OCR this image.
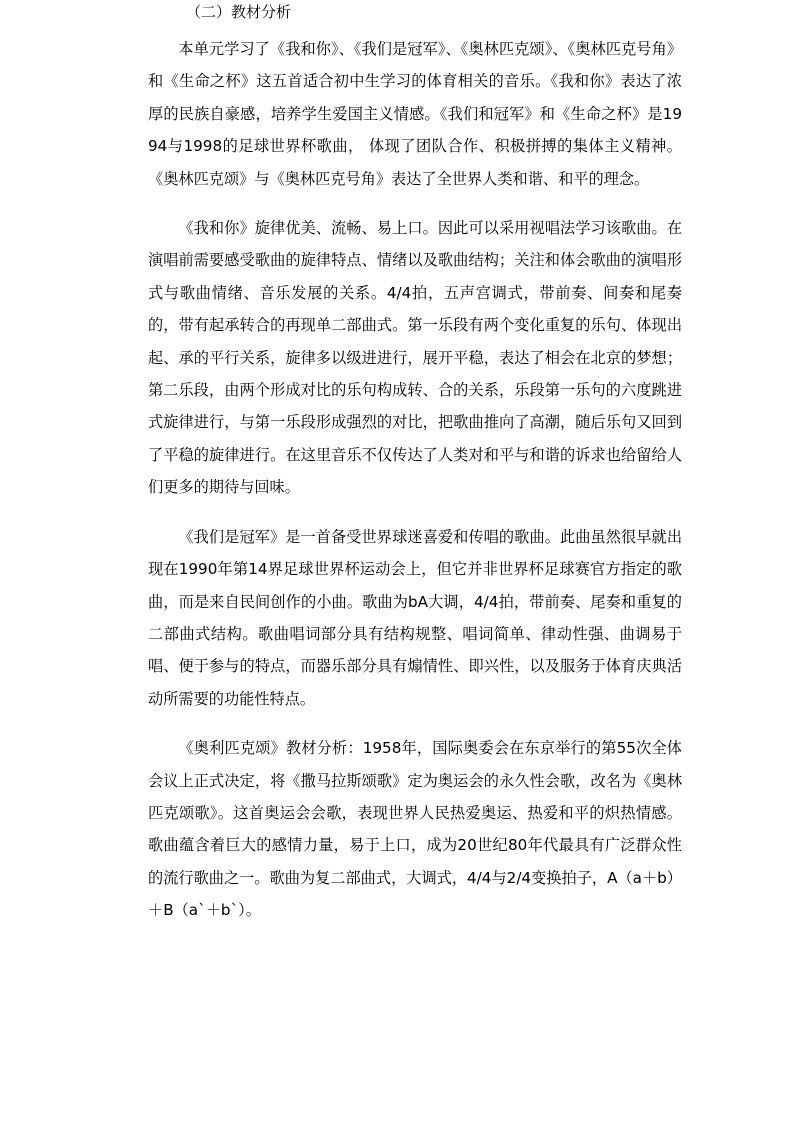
（二）教材分析

本单元学习了《我和你》、《我们是冠军》、《奥林匹克颂》、《奥林匹克号角》和《生命之杯》这五首适合初中生学习的体育相关的音乐。《我和你》表达了浓厚的民族自豪感，培养学生爱国主义情感。《我们和冠军》和《生命之杯》是1994与1998的足球世界杯歌曲， 体现了团队合作、积极拼搏的集体主义精神。《奥林匹克颂》与《奥林匹克号角》表达了全世界人类和谐、和平的理念。

《我和你》旋律优美、流畅、易上口。因此可以采用视唱法学习该歌曲。在演唱前需要感受歌曲的旋律特点、情绪以及歌曲结构；关注和体会歌曲的演唱形式与歌曲情绪、音乐发展的关系。4/4拍，五声宫调式，带前奏、间奏和尾奏的，带有起承转合的再现单二部曲式。第一乐段有两个变化重复的乐句、体现出起、承的平行关系，旋律多以级进进行，展开平稳，表达了相会在北京的梦想；第二乐段，由两个形成对比的乐句构成转、合的关系，乐段第一乐句的六度跳进式旋律进行，与第一乐段形成强烈的对比，把歌曲推向了高潮，随后乐句又回到了平稳的旋律进行。在这里音乐不仅传达了人类对和平与和谐的诉求也给留给人们更多的期待与回味。

《我们是冠军》是一首备受世界球迷喜爱和传唱的歌曲。此曲虽然很早就出现在1990年第14界足球世界杯运动会上，但它并非世界杯足球赛官方指定的歌曲，而是来自民间创作的小曲。歌曲为bA大调，4/4拍，带前奏、尾奏和重复的二部曲式结构。歌曲唱词部分具有结构规整、唱词简单、律动性强、曲调易于唱、便于参与的特点，而器乐部分具有煽情性、即兴性，以及服务于体育庆典活动所需要的功能性特点。

《奥利匹克颂》教材分析：1958年，国际奥委会在东京举行的第55次全体会议上正式决定，将《撒马拉斯颂歌》定为奥运会的永久性会歌，改名为《奥林匹克颂歌》。这首奥运会会歌，表现世界人民热爱奥运、热爱和平的炽热情感。歌曲蕴含着巨大的感情力量，易于上口，成为20世纪80年代最具有广泛群众性的流行歌曲之一。歌曲为复二部曲式，大调式，4/4与2/4变换拍子，A（a＋b）＋B（a`＋b`）。
